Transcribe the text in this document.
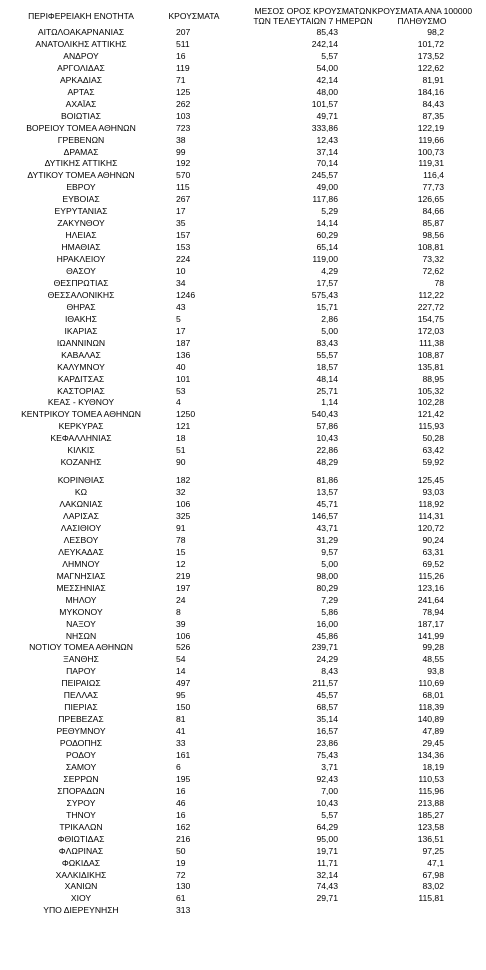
ΠΕΡΙΦΕΡΕΙΑΚΗ ΕΝΟΤΗΤΑ	ΚΡΟΥΣΜΑΤΑ	ΜΕΣΟΣ ΟΡΟΣ ΚΡΟΥΣΜΑΤΩΝ
ΤΩΝ ΤΕΛΕΥΤΑΙΩΝ 7 ΗΜΕΡΩΝ
ΚΡΟΥΣΜΑΤΑ ΑΝΑ 100000
ΠΛΗΘΥΣΜΟ
ΑΙΤΩΛΟΑΚΑΡΝΑΝΙΑΣ	207	85,43	98,2
ΑΝΑΤΟΛΙΚΗΣ ΑΤΤΙΚΗΣ	511	242,14	101,72
ΑΝΔΡΟΥ	16	5,57	173,52
ΑΡΓΟΛΙΔΑΣ	119	54,00	122,62
ΑΡΚΑΔΙΑΣ	71	42,14	81,91
ΑΡΤΑΣ	125	48,00	184,16
ΑΧΑΪΑΣ	262	101,57	84,43
ΒΟΙΩΤΙΑΣ	103	49,71	87,35
ΒΟΡΕΙΟΥ ΤΟΜΕΑ ΑΘΗΝΩΝ	723	333,86	122,19
ΓΡΕΒΕΝΩΝ	38	12,43	119,66
ΔΡΑΜΑΣ	99	37,14	100,73
ΔΥΤΙΚΗΣ ΑΤΤΙΚΗΣ	192	70,14	119,31
ΔΥΤΙΚΟΥ ΤΟΜΕΑ ΑΘΗΝΩΝ	570	245,57	116,4
ΕΒΡΟΥ	115	49,00	77,73
ΕΥΒΟΙΑΣ	267	117,86	126,65
ΕΥΡΥΤΑΝΙΑΣ	17	5,29	84,66
ΖΑΚΥΝΘΟΥ	35	14,14	85,87
ΗΛΕΙΑΣ	157	60,29	98,56
ΗΜΑΘΙΑΣ	153	65,14	108,81
ΗΡΑΚΛΕΙΟΥ	224	119,00	73,32
ΘΑΣΟΥ	10	4,29	72,62
ΘΕΣΠΡΩΤΙΑΣ	34	17,57	78
ΘΕΣΣΑΛΟΝΙΚΗΣ	1246	575,43	112,22
ΘΗΡΑΣ	43	15,71	227,72
ΙΘΑΚΗΣ	5	2,86	154,75
ΙΚΑΡΙΑΣ	17	5,00	172,03
ΙΩΑΝΝΙΝΩΝ	187	83,43	111,38
ΚΑΒΑΛΑΣ	136	55,57	108,87
ΚΑΛΥΜΝΟΥ	40	18,57	135,81
ΚΑΡΔΙΤΣΑΣ	101	48,14	88,95
ΚΑΣΤΟΡΙΑΣ	53	25,71	105,32
ΚΕΑΣ - ΚΥΘΝΟΥ	4	1,14	102,28
ΚΕΝΤΡΙΚΟΥ ΤΟΜΕΑ ΑΘΗΝΩΝ	1250	540,43	121,42
ΚΕΡΚΥΡΑΣ	121	57,86	115,93
ΚΕΦΑΛΛΗΝΙΑΣ	18	10,43	50,28
ΚΙΛΚΙΣ	51	22,86	63,42
ΚΟΖΑΝΗΣ	90	48,29	59,92
ΚΟΡΙΝΘΙΑΣ	182	81,86	125,45
ΚΩ	32	13,57	93,03
ΛΑΚΩΝΙΑΣ	106	45,71	118,92
ΛΑΡΙΣΑΣ	325	146,57	114,31
ΛΑΣΙΘΙΟΥ	91	43,71	120,72
ΛΕΣΒΟΥ	78	31,29	90,24
ΛΕΥΚΑΔΑΣ	15	9,57	63,31
ΛΗΜΝΟΥ	12	5,00	69,52
ΜΑΓΝΗΣΙΑΣ	219	98,00	115,26
ΜΕΣΣΗΝΙΑΣ	197	80,29	123,16
ΜΗΛΟΥ	24	7,29	241,64
ΜΥΚΟΝΟΥ	8	5,86	78,94
ΝΑΞΟΥ	39	16,00	187,17
ΝΗΣΩΝ	106	45,86	141,99
ΝΟΤΙΟΥ ΤΟΜΕΑ ΑΘΗΝΩΝ	526	239,71	99,28
ΞΑΝΘΗΣ	54	24,29	48,55
ΠΑΡΟΥ	14	8,43	93,8
ΠΕΙΡΑΙΩΣ	497	211,57	110,69
ΠΕΛΛΑΣ	95	45,57	68,01
ΠΙΕΡΙΑΣ	150	68,57	118,39
ΠΡΕΒΕΖΑΣ	81	35,14	140,89
ΡΕΘΥΜΝΟΥ	41	16,57	47,89
ΡΟΔΟΠΗΣ	33	23,86	29,45
ΡΟΔΟΥ	161	75,43	134,36
ΣΑΜΟΥ	6	3,71	18,19
ΣΕΡΡΩΝ	195	92,43	110,53
ΣΠΟΡΑΔΩΝ	16	7,00	115,96
ΣΥΡΟΥ	46	10,43	213,88
ΤΗΝΟΥ	16	5,57	185,27
ΤΡΙΚΑΛΩΝ	162	64,29	123,58
ΦΘΙΩΤΙΔΑΣ	216	95,00	136,51
ΦΛΩΡΙΝΑΣ	50	19,71	97,25
ΦΩΚΙΔΑΣ	19	11,71	47,1
ΧΑΛΚΙΔΙΚΗΣ	72	32,14	67,98
ΧΑΝΙΩΝ	130	74,43	83,02
ΧΙΟΥ	61	29,71	115,81
ΥΠΟ ΔΙΕΡΕΥΝΗΣΗ	313
